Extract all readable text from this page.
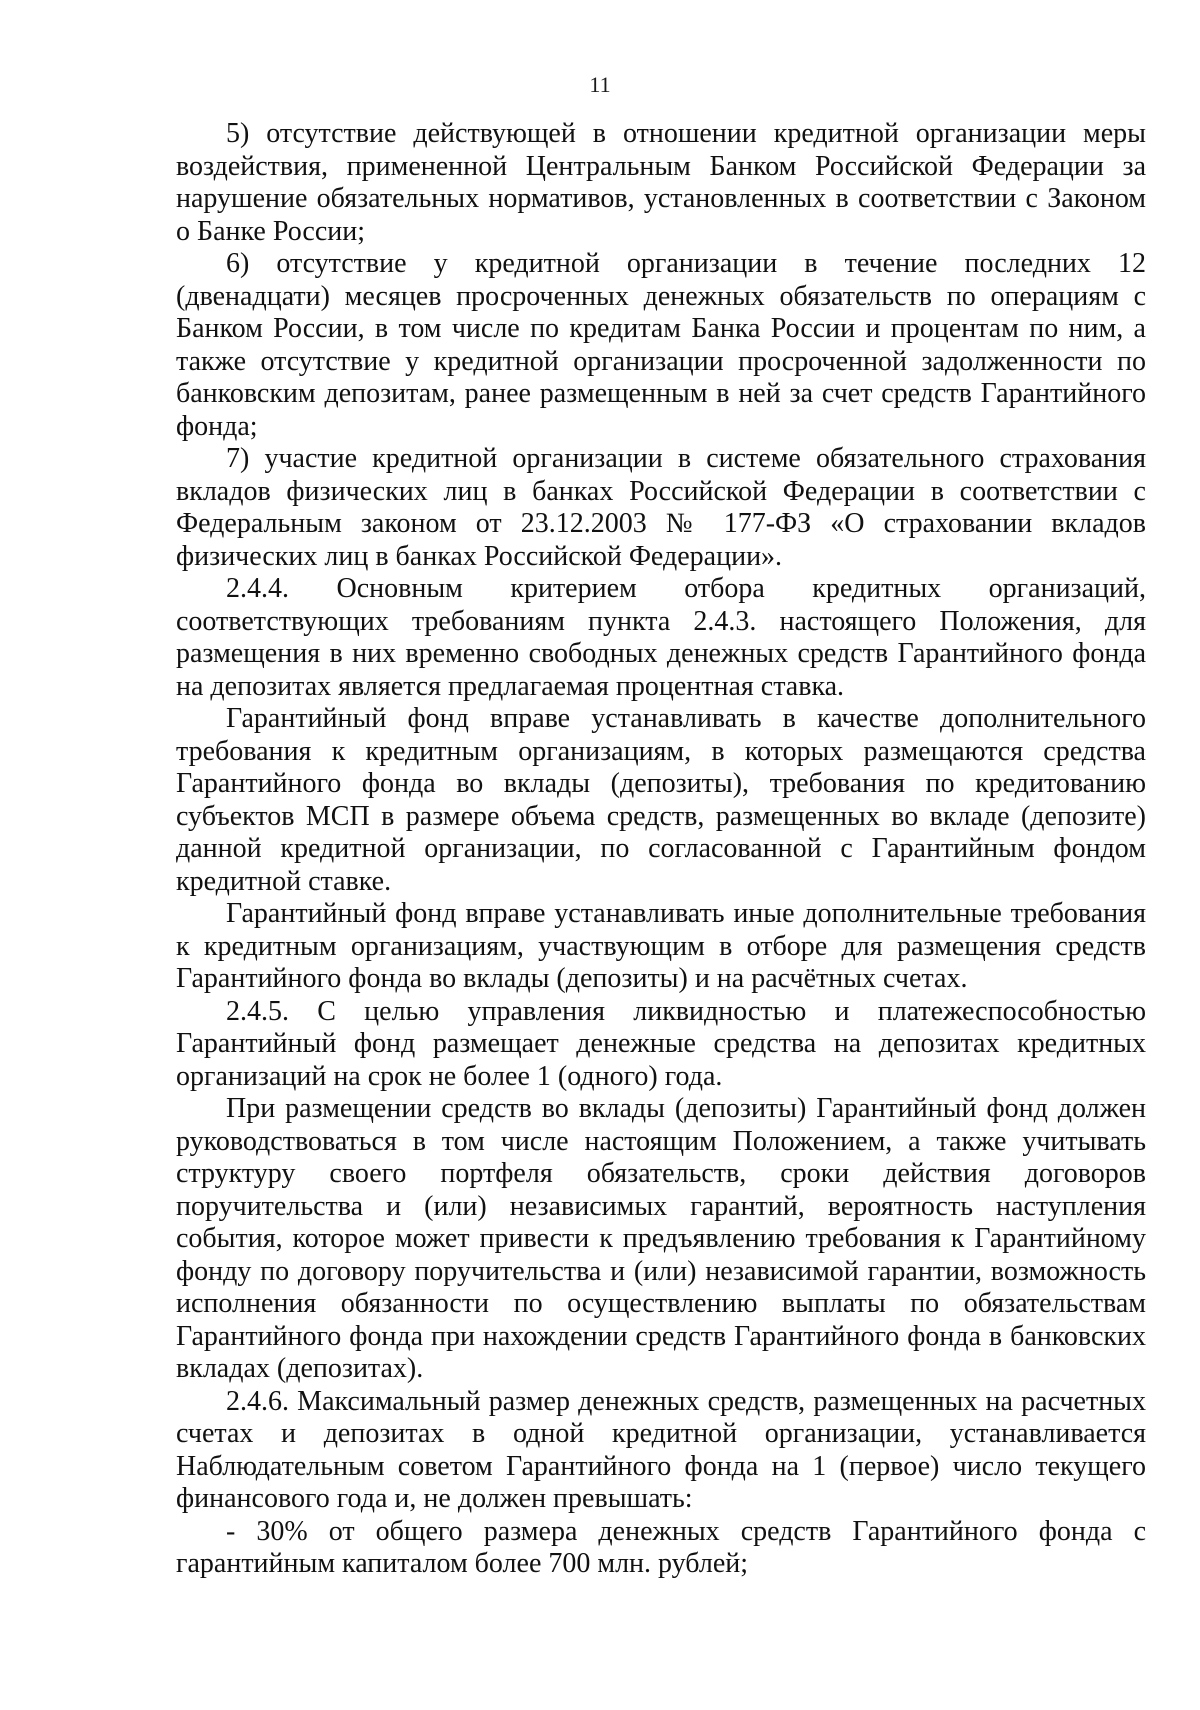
11

5) отсутствие действующей в отношении кредитной организации меры воздействия, примененной Центральным Банком Российской Федерации за нарушение обязательных нормативов, установленных в соответствии с Законом о Банке России;

6) отсутствие у кредитной организации в течение последних 12 (двенадцати) месяцев просроченных денежных обязательств по операциям с Банком России, в том числе по кредитам Банка России и процентам по ним, а также отсутствие у кредитной организации просроченной задолженности по банковским депозитам, ранее размещенным в ней за счет средств Гарантийного фонда;

7) участие кредитной организации в системе обязательного страхования вкладов физических лиц в банках Российской Федерации в соответствии с Федеральным законом от 23.12.2003 № 177-ФЗ «О страховании вкладов физических лиц в банках Российской Федерации».

2.4.4. Основным критерием отбора кредитных организаций, соответствующих требованиям пункта 2.4.3. настоящего Положения, для размещения в них временно свободных денежных средств Гарантийного фонда на депозитах является предлагаемая процентная ставка.

Гарантийный фонд вправе устанавливать в качестве дополнительного требования к кредитным организациям, в которых размещаются средства Гарантийного фонда во вклады (депозиты), требования по кредитованию субъектов МСП в размере объема средств, размещенных во вкладе (депозите) данной кредитной организации, по согласованной с Гарантийным фондом кредитной ставке.

Гарантийный фонд вправе устанавливать иные дополнительные требования к кредитным организациям, участвующим в отборе для размещения средств Гарантийного фонда во вклады (депозиты) и на расчётных счетах.

2.4.5. С целью управления ликвидностью и платежеспособностью Гарантийный фонд размещает денежные средства на депозитах кредитных организаций на срок не более 1 (одного) года.

При размещении средств во вклады (депозиты) Гарантийный фонд должен руководствоваться в том числе настоящим Положением, а также учитывать структуру своего портфеля обязательств, сроки действия договоров поручительства и (или) независимых гарантий, вероятность наступления события, которое может привести к предъявлению требования к Гарантийному фонду по договору поручительства и (или) независимой гарантии, возможность исполнения обязанности по осуществлению выплаты по обязательствам Гарантийного фонда при нахождении средств Гарантийного фонда в банковских вкладах (депозитах).

2.4.6. Максимальный размер денежных средств, размещенных на расчетных счетах и депозитах в одной кредитной организации, устанавливается Наблюдательным советом Гарантийного фонда на 1 (первое) число текущего финансового года и, не должен превышать:

- 30% от общего размера денежных средств Гарантийного фонда с гарантийным капиталом более 700 млн. рублей;
